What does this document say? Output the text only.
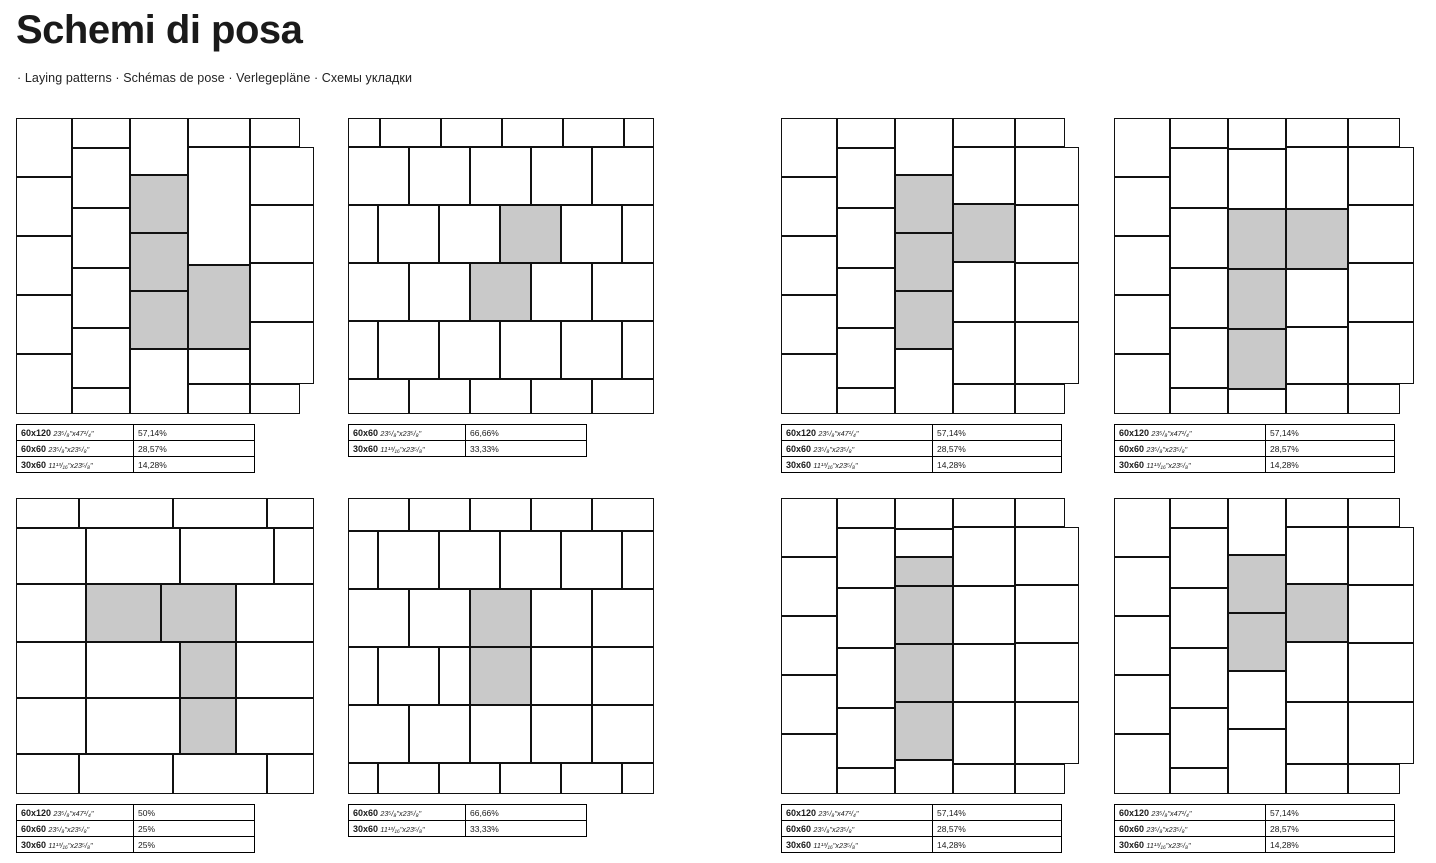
Schemi di posa
· Laying patterns · Schémas de pose · Verlegepläne · Схемы укладки
60x120 23⁵/₈"x47¹/₄"	57,14%
60x60 23⁵/₈"x23⁵/₈"	28,57%
30x60 11¹³/₁₆"x23⁵/₈"	14,28%
60x60 23⁵/₈"x23⁵/₈"	66,66%
30x60 11¹³/₁₆"x23⁵/₈"	33,33%
60x120 23⁵/₈"x47¹/₄"	57,14%
60x60 23⁵/₈"x23⁵/₈"	28,57%
30x60 11¹³/₁₆"x23⁵/₈"	14,28%
60x120 23⁵/₈"x47¹/₄"	57,14%
60x60 23⁵/₈"x23⁵/₈"	28,57%
30x60 11¹³/₁₆"x23⁵/₈"	14,28%
60x120 23⁵/₈"x47¹/₄"	50%
60x60 23⁵/₈"x23⁵/₈"	25%
30x60 11¹³/₁₆"x23⁵/₈"	25%
60x60 23⁵/₈"x23⁵/₈"	66,66%
30x60 11¹³/₁₆"x23⁵/₈"	33,33%
60x120 23⁵/₈"x47¹/₄"	57,14%
60x60 23⁵/₈"x23⁵/₈"	28,57%
30x60 11¹³/₁₆"x23⁵/₈"	14,28%
60x120 23⁵/₈"x47¹/₄"	57,14%
60x60 23⁵/₈"x23⁵/₈"	28,57%
30x60 11¹³/₁₆"x23⁵/₈"	14,28%
